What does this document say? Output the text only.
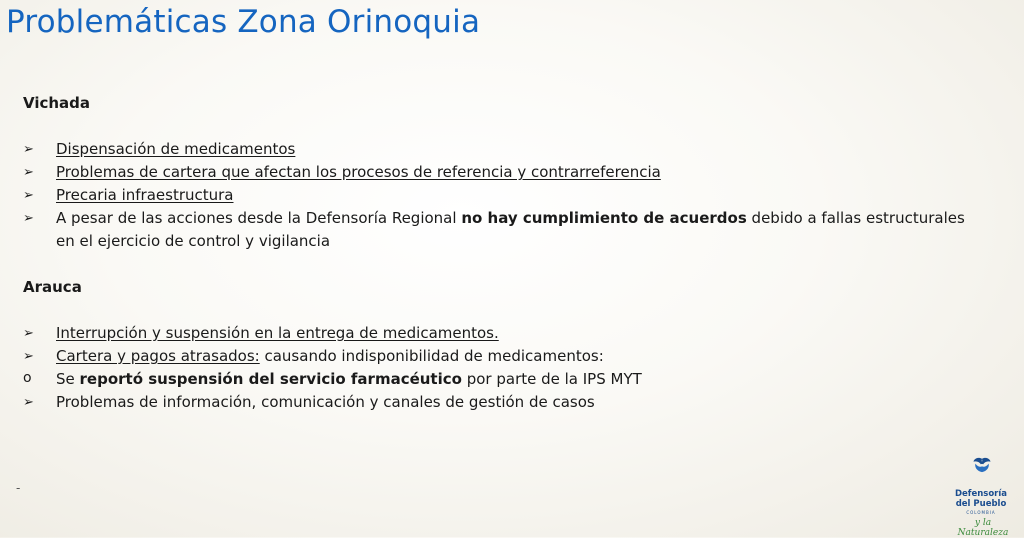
Problemáticas Zona Orinoquia
Vichada
➢	Dispensación de medicamentos
➢	Problemas de cartera que afectan los procesos de referencia y contrarreferencia
➢	Precaria infraestructura
➢	A pesar de las acciones desde la Defensoría Regional no hay cumplimiento de acuerdos debido a fallas estructurales en el ejercicio de control y vigilancia
Arauca
➢	Interrupción y suspensión en la entrega de medicamentos.
➢	Cartera y pagos atrasados: causando indisponibilidad de medicamentos:
o	Se reportó suspensión del servicio farmacéutico por parte de la IPS MYT
➢	Problemas de información, comunicación y canales de gestión de casos
-	Defensoría
del Pueblo
COLOMBIA
y la Naturaleza
